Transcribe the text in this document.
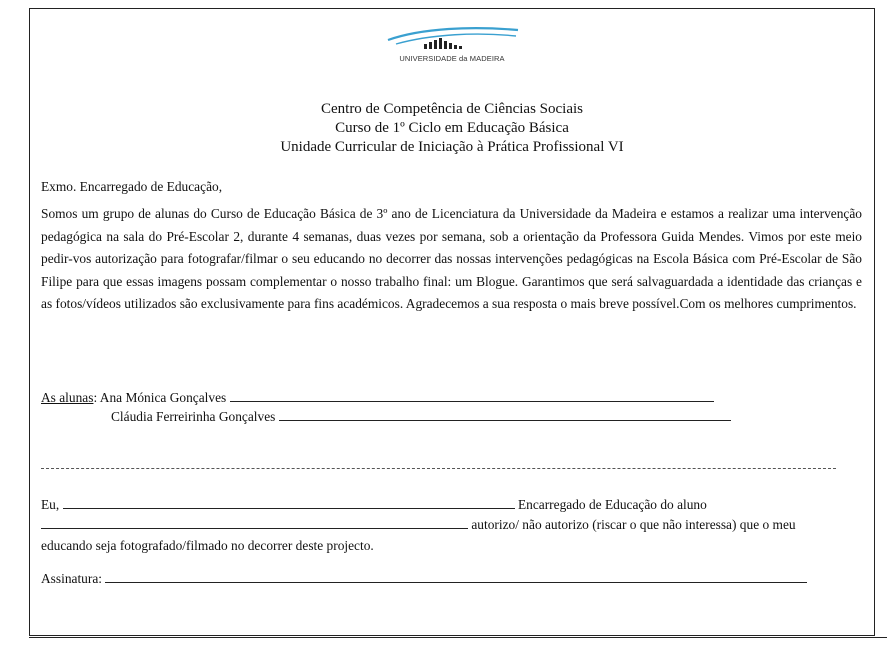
UNIVERSIDADE da MADEIRA
Centro de Competência de Ciências Sociais
Curso de 1º Ciclo em Educação Básica
Unidade Curricular de Iniciação à Prática Profissional VI
Exmo. Encarregado de Educação,
Somos um grupo de alunas do Curso de Educação Básica de 3º ano de Licenciatura da Universidade da Madeira e estamos a realizar uma intervenção pedagógica na sala do Pré-Escolar 2, durante 4 semanas, duas vezes por semana, sob a orientação da Professora Guida Mendes. Vimos por este meio pedir-vos autorização para fotografar/filmar o seu educando no decorrer das nossas intervenções pedagógicas na Escola Básica com Pré-Escolar de São Filipe para que essas imagens possam complementar o nosso trabalho final: um Blogue. Garantimos que será salvaguardada a identidade das crianças e as fotos/vídeos utilizados são exclusivamente para fins académicos. Agradecemos a sua resposta o mais breve possível.Com os melhores cumprimentos.
As alunas: Ana Mónica Gonçalves
Cláudia Ferreirinha Gonçalves
Eu,	Encarregado de Educação do aluno
autorizo/ não autorizo (riscar o que não interessa) que o meu
educando seja fotografado/filmado no decorrer deste projecto.
Assinatura:
